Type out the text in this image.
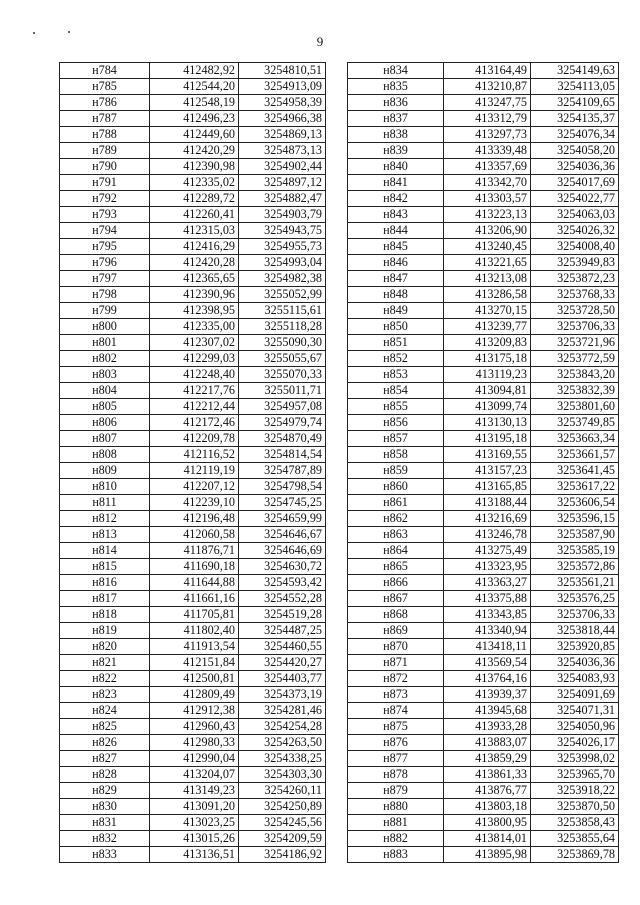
9
н784	412482,92	3254810,51
н785	412544,20	3254913,09
н786	412548,19	3254958,39
н787	412496,23	3254966,38
н788	412449,60	3254869,13
н789	412420,29	3254873,13
н790	412390,98	3254902,44
н791	412335,02	3254897,12
н792	412289,72	3254882,47
н793	412260,41	3254903,79
н794	412315,03	3254943,75
н795	412416,29	3254955,73
н796	412420,28	3254993,04
н797	412365,65	3254982,38
н798	412390,96	3255052,99
н799	412398,95	3255115,61
н800	412335,00	3255118,28
н801	412307,02	3255090,30
н802	412299,03	3255055,67
н803	412248,40	3255070,33
н804	412217,76	3255011,71
н805	412212,44	3254957,08
н806	412172,46	3254979,74
н807	412209,78	3254870,49
н808	412116,52	3254814,54
н809	412119,19	3254787,89
н810	412207,12	3254798,54
н811	412239,10	3254745,25
н812	412196,48	3254659,99
н813	412060,58	3254646,67
н814	411876,71	3254646,69
н815	411690,18	3254630,72
н816	411644,88	3254593,42
н817	411661,16	3254552,28
н818	411705,81	3254519,28
н819	411802,40	3254487,25
н820	411913,54	3254460,55
н821	412151,84	3254420,27
н822	412500,81	3254403,77
н823	412809,49	3254373,19
н824	412912,38	3254281,46
н825	412960,43	3254254,28
н826	412980,33	3254263,50
н827	412990,04	3254338,25
н828	413204,07	3254303,30
н829	413149,23	3254260,11
н830	413091,20	3254250,89
н831	413023,25	3254245,56
н832	413015,26	3254209,59
н833	413136,51	3254186,92
н834	413164,49	3254149,63
н835	413210,87	3254113,05
н836	413247,75	3254109,65
н837	413312,79	3254135,37
н838	413297,73	3254076,34
н839	413339,48	3254058,20
н840	413357,69	3254036,36
н841	413342,70	3254017,69
н842	413303,57	3254022,77
н843	413223,13	3254063,03
н844	413206,90	3254026,32
н845	413240,45	3254008,40
н846	413221,65	3253949,83
н847	413213,08	3253872,23
н848	413286,58	3253768,33
н849	413270,15	3253728,50
н850	413239,77	3253706,33
н851	413209,83	3253721,96
н852	413175,18	3253772,59
н853	413119,23	3253843,20
н854	413094,81	3253832,39
н855	413099,74	3253801,60
н856	413130,13	3253749,85
н857	413195,18	3253663,34
н858	413169,55	3253661,57
н859	413157,23	3253641,45
н860	413165,85	3253617,22
н861	413188,44	3253606,54
н862	413216,69	3253596,15
н863	413246,78	3253587,90
н864	413275,49	3253585,19
н865	413323,95	3253572,86
н866	413363,27	3253561,21
н867	413375,88	3253576,25
н868	413343,85	3253706,33
н869	413340,94	3253818,44
н870	413418,11	3253920,85
н871	413569,54	3254036,36
н872	413764,16	3254083,93
н873	413939,37	3254091,69
н874	413945,68	3254071,31
н875	413933,28	3254050,96
н876	413883,07	3254026,17
н877	413859,29	3253998,02
н878	413861,33	3253965,70
н879	413876,77	3253918,22
н880	413803,18	3253870,50
н881	413800,95	3253858,43
н882	413814,01	3253855,64
н883	413895,98	3253869,78
